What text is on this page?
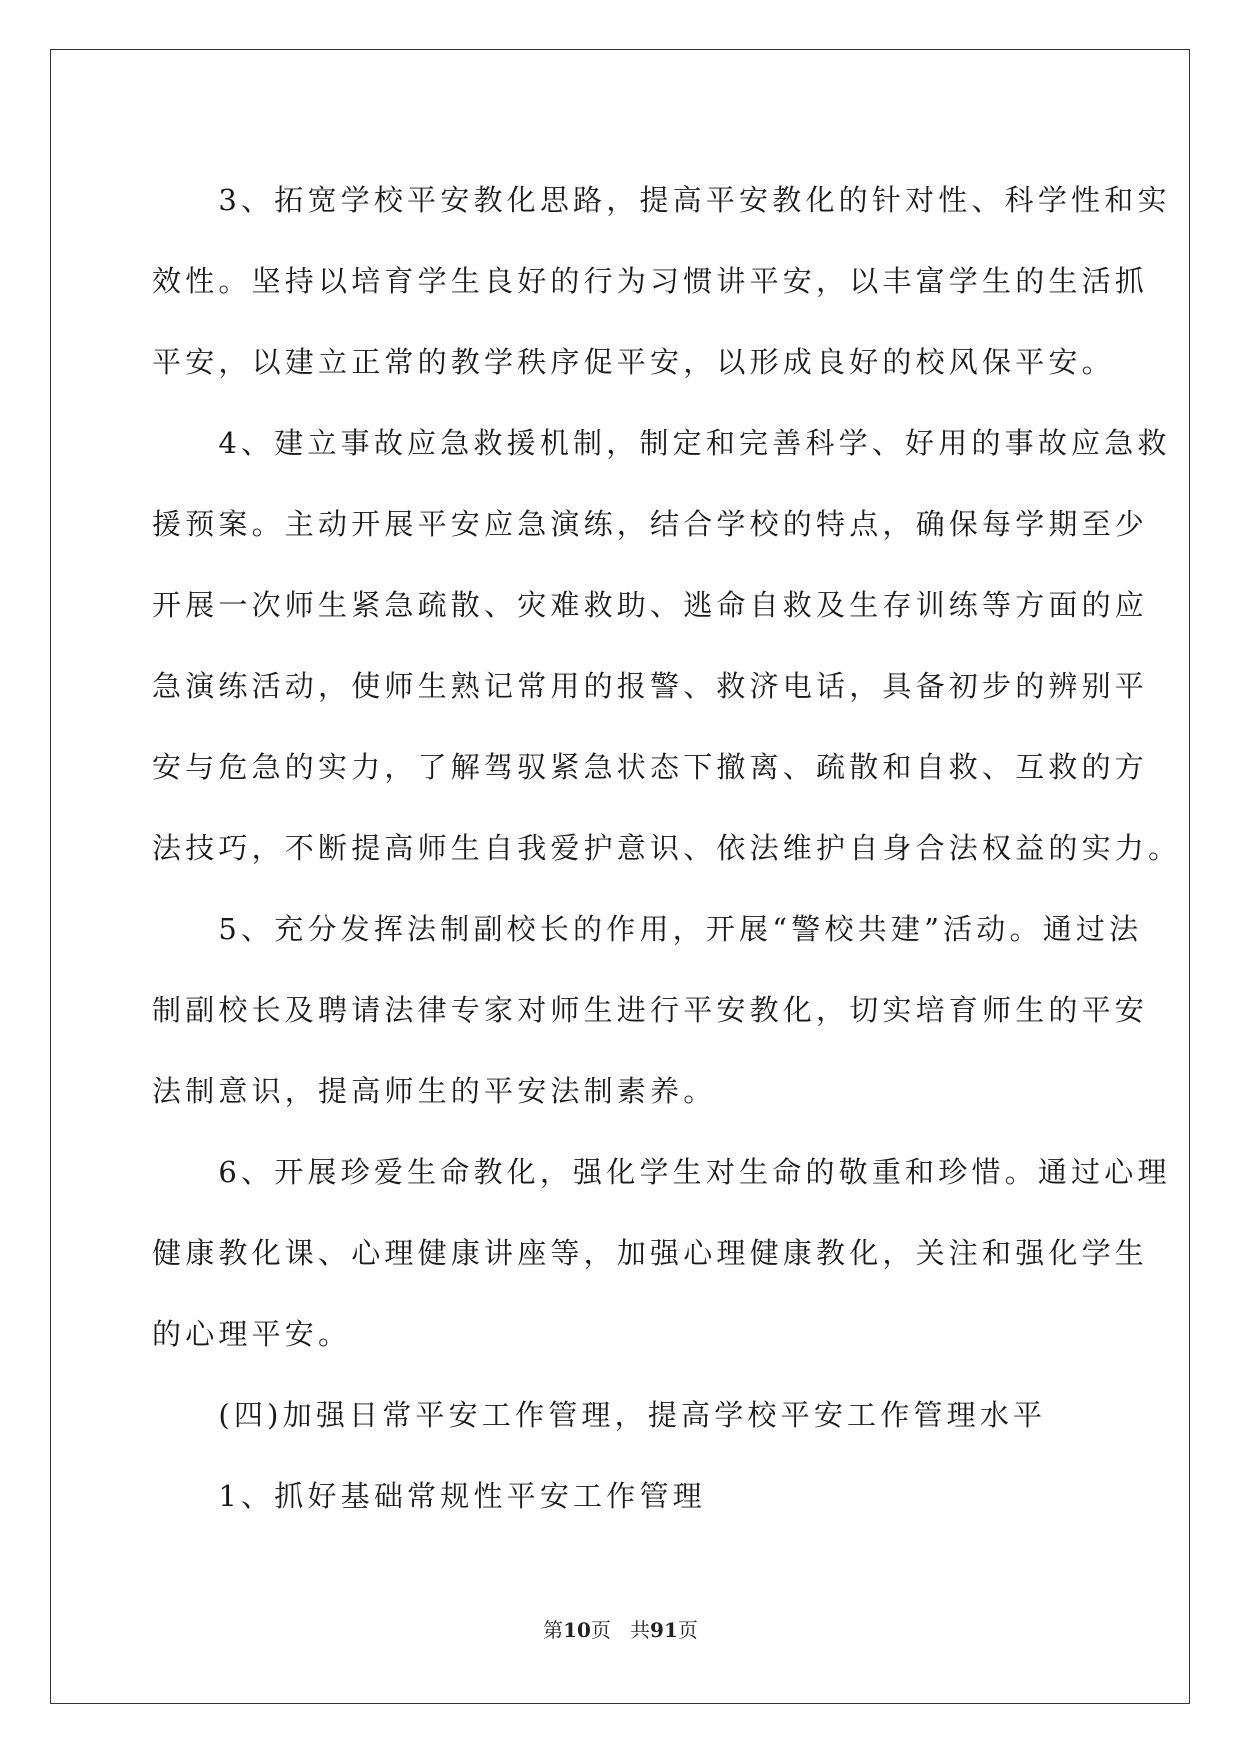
　　3、拓宽学校平安教化思路，提高平安教化的针对性、科学性和实
效性。坚持以培育学生良好的行为习惯讲平安，以丰富学生的生活抓
平安，以建立正常的教学秩序促平安，以形成良好的校风保平安。
　　4、建立事故应急救援机制，制定和完善科学、好用的事故应急救
援预案。主动开展平安应急演练，结合学校的特点，确保每学期至少
开展一次师生紧急疏散、灾难救助、逃命自救及生存训练等方面的应
急演练活动，使师生熟记常用的报警、救济电话，具备初步的辨别平
安与危急的实力，了解驾驭紧急状态下撤离、疏散和自救、互救的方
法技巧，不断提高师生自我爱护意识、依法维护自身合法权益的实力。
　　5、充分发挥法制副校长的作用，开展“警校共建”活动。通过法
制副校长及聘请法律专家对师生进行平安教化，切实培育师生的平安
法制意识，提高师生的平安法制素养。
　　6、开展珍爱生命教化，强化学生对生命的敬重和珍惜。通过心理
健康教化课、心理健康讲座等，加强心理健康教化，关注和强化学生
的心理平安。
　　(四)加强日常平安工作管理，提高学校平安工作管理水平
　　1、抓好基础常规性平安工作管理
第10页 共91页
